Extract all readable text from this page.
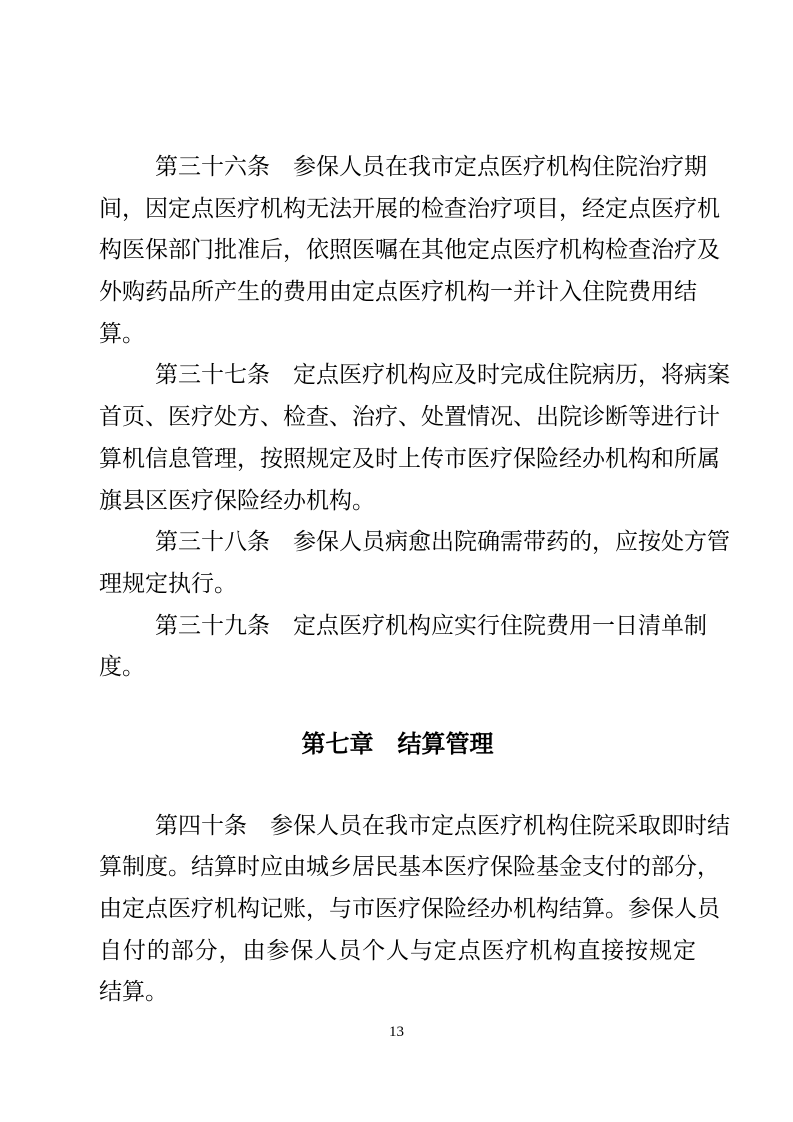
第三十六条　参保人员在我市定点医疗机构住院治疗期
间，因定点医疗机构无法开展的检查治疗项目，经定点医疗机
构医保部门批准后，依照医嘱在其他定点医疗机构检查治疗及
外购药品所产生的费用由定点医疗机构一并计入住院费用结
算。
第三十七条　定点医疗机构应及时完成住院病历，将病案
首页、医疗处方、检查、治疗、处置情况、出院诊断等进行计
算机信息管理，按照规定及时上传市医疗保险经办机构和所属
旗县区医疗保险经办机构。
第三十八条　参保人员病愈出院确需带药的，应按处方管
理规定执行。
第三十九条　定点医疗机构应实行住院费用一日清单制
度。
第七章　结算管理
第四十条　参保人员在我市定点医疗机构住院采取即时结
算制度。结算时应由城乡居民基本医疗保险基金支付的部分，
由定点医疗机构记账，与市医疗保险经办机构结算。参保人员
自付的部分，由参保人员个人与定点医疗机构直接按规定结算。
13
